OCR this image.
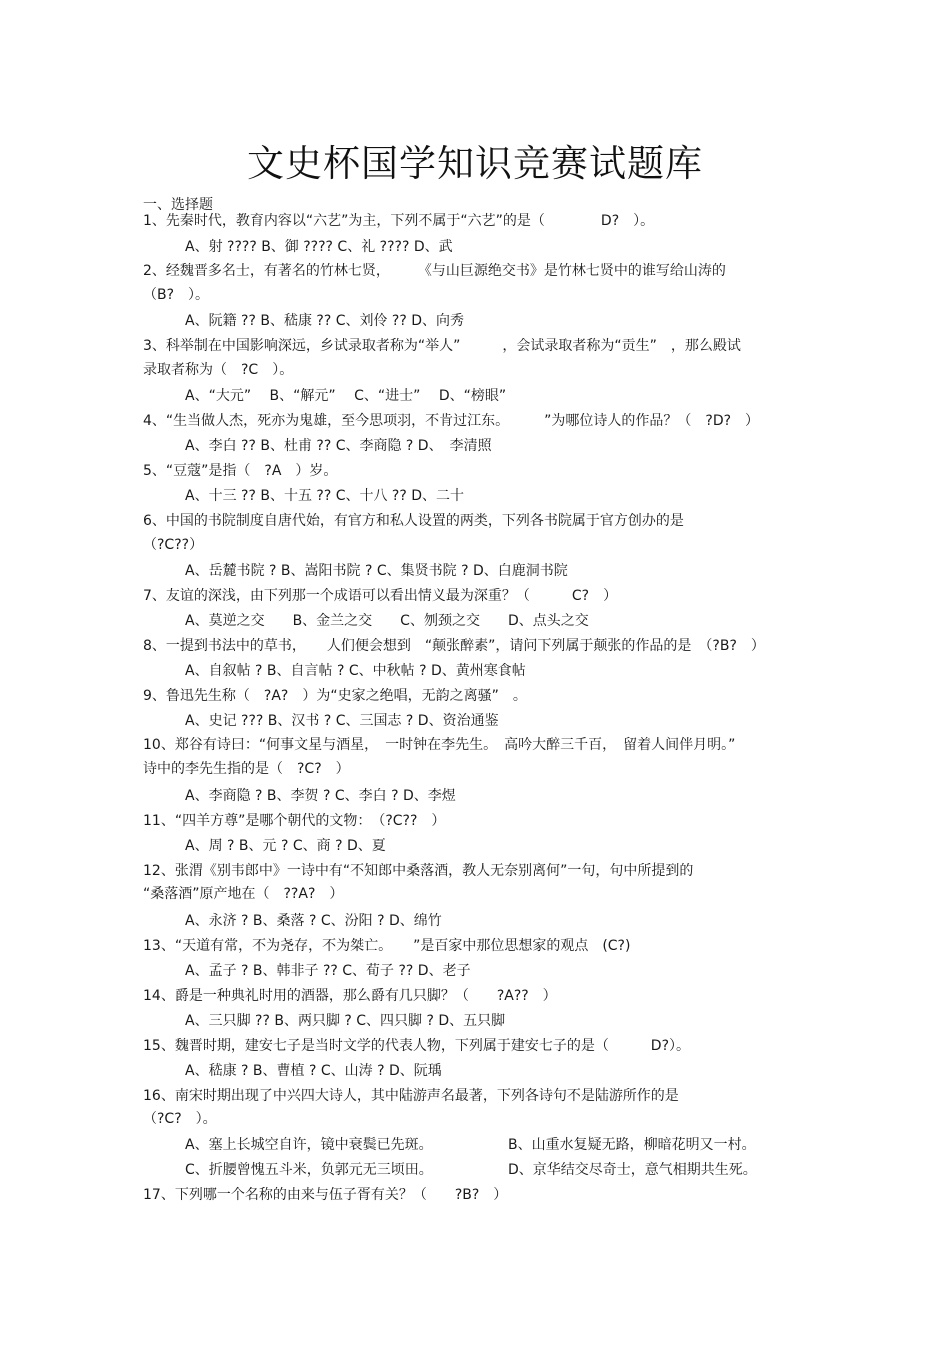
文史杯国学知识竞赛试题库
一、选择题
1、先秦时代，教育内容以“六艺”为主，下列不属于“六艺”的是（　　　　D?　）。
A、射 ???? B、御 ???? C、礼 ???? D、武
2、经魏晋多名士，有著名的竹林七贤，　　　《与山巨源绝交书》是竹林七贤中的谁写给山涛的
（B?　）。
A、阮籍 ?? B、嵇康 ?? C、刘伶 ?? D、向秀
3、科举制在中国影响深远，乡试录取者称为“举人”　　　，会试录取者称为“贡生”　，那么殿试
录取者称为（　?C　）。
A、“大元”　 B、“解元”　 C、“进士”　 D、“榜眼”
4、“生当做人杰，死亦为鬼雄，至今思项羽，不肯过江东。　　　”为哪位诗人的作品？（　?D?　）
A、李白 ?? B、杜甫 ?? C、李商隐 ? D、　李清照
5、“豆蔻”是指（　?A　）岁。
A、十三 ?? B、十五 ?? C、十八 ?? D、二十
6、中国的书院制度自唐代始，有官方和私人设置的两类，下列各书院属于官方创办的是
（?C??）
A、岳麓书院 ? B、嵩阳书院 ? C、集贤书院 ? D、白鹿洞书院
7、友谊的深浅，由下列那一个成语可以看出情义最为深重？（　　　C?　）
A、莫逆之交　　B、金兰之交　　C、刎颈之交　　D、点头之交
8、一提到书法中的草书，　　人们便会想到　“颠张醉素”，请问下列属于颠张的作品的是　（?B?　）
A、自叙帖 ? B、自言帖 ? C、中秋帖 ? D、黄州寒食帖
9、鲁迅先生称（　?A?　）为“史家之绝唱，无韵之离骚”　。
A、史记 ??? B、汉书 ? C、三国志 ? D、资治通鉴
10、郑谷有诗曰：“何事文星与酒星，　一时钟在李先生。　高吟大醉三千百，　留着人间伴月明。”
诗中的李先生指的是（　?C?　）
A、李商隐 ? B、李贺 ? C、李白 ? D、李煜
11、“四羊方尊”是哪个朝代的文物：　（?C??　）
A、周 ? B、元 ? C、商 ? D、夏
12、张渭《别韦郎中》一诗中有“不知郎中桑落酒，教人无奈别离何”一句，句中所提到的
“桑落酒”原产地在（　??A?　）
A、永济 ? B、桑落 ? C、汾阳 ? D、绵竹
13、“天道有常，不为尧存，不为桀亡。　　”是百家中那位思想家的观点　(C?)
A、孟子 ? B、韩非子 ?? C、荀子 ?? D、老子
14、爵是一种典礼时用的酒器，那么爵有几只脚？（　　?A??　）
A、三只脚 ?? B、两只脚 ? C、四只脚 ? D、五只脚
15、魏晋时期，建安七子是当时文学的代表人物，下列属于建安七子的是（　　　D?）。
A、嵇康 ? B、曹植 ? C、山涛 ? D、阮瑀
16、南宋时期出现了中兴四大诗人，其中陆游声名最著，下列各诗句不是陆游所作的是
（?C?　）。
A、塞上长城空自许，镜中衰鬓已先斑。	B、山重水复疑无路，柳暗花明又一村。
C、折腰曾愧五斗米，负郭元无三顷田。	D、京华结交尽奇士，意气相期共生死。
17、下列哪一个名称的由来与伍子胥有关？（　　?B?　）
